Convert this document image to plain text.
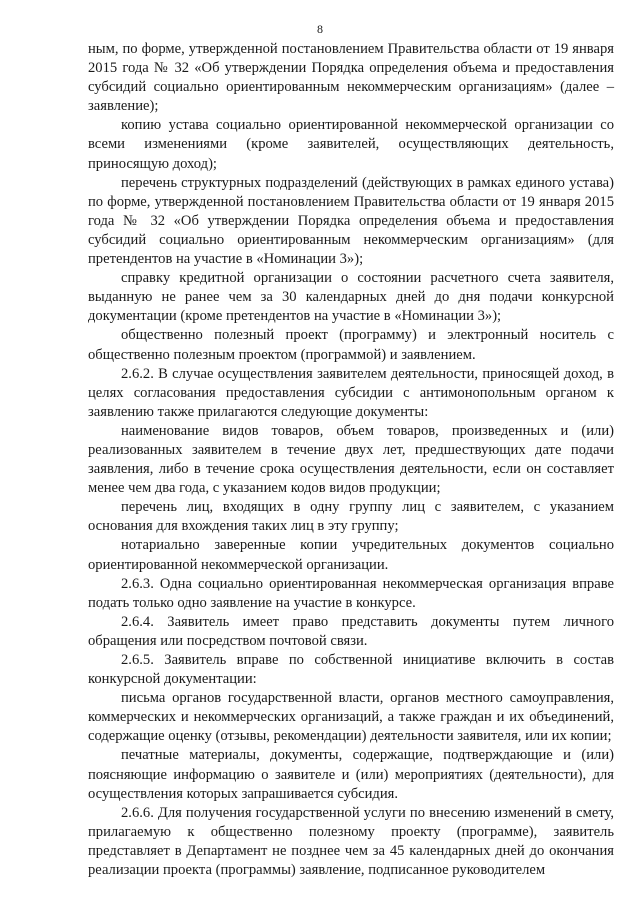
8

ным, по форме, утвержденной постановлением Правительства области от 19 января 2015 года № 32 «Об утверждении Порядка определения объема и предоставления субсидий социально ориентированным некоммерческим организациям» (далее – заявление);

копию устава социально ориентированной некоммерческой организации со всеми изменениями (кроме заявителей, осуществляющих деятельность, приносящую доход);

перечень структурных подразделений (действующих в рамках единого устава) по форме, утвержденной постановлением Правительства области от 19 января 2015 года № 32 «Об утверждении Порядка определения объема и предоставления субсидий социально ориентированным некоммерческим организациям» (для претендентов на участие в «Номинации 3»);

справку кредитной организации о состоянии расчетного счета заявителя, выданную не ранее чем за 30 календарных дней до дня подачи конкурсной документации (кроме претендентов на участие в «Номинации 3»);

общественно полезный проект (программу) и электронный носитель с общественно полезным проектом (программой) и заявлением.

2.6.2. В случае осуществления заявителем деятельности, приносящей доход, в целях согласования предоставления субсидии с антимонопольным органом к заявлению также прилагаются следующие документы:

наименование видов товаров, объем товаров, произведенных и (или) реализованных заявителем в течение двух лет, предшествующих дате подачи заявления, либо в течение срока осуществления деятельности, если он составляет менее чем два года, с указанием кодов видов продукции;

перечень лиц, входящих в одну группу лиц с заявителем, с указанием основания для вхождения таких лиц в эту группу;

нотариально заверенные копии учредительных документов социально ориентированной некоммерческой организации.

2.6.3. Одна социально ориентированная некоммерческая организация вправе подать только одно заявление на участие в конкурсе.

2.6.4. Заявитель имеет право представить документы путем личного обращения или посредством почтовой связи.

2.6.5. Заявитель вправе по собственной инициативе включить в состав конкурсной документации:

письма органов государственной власти, органов местного самоуправления, коммерческих и некоммерческих организаций, а также граждан и их объединений, содержащие оценку (отзывы, рекомендации) деятельности заявителя, или их копии;

печатные материалы, документы, содержащие, подтверждающие и (или) поясняющие информацию о заявителе и (или) мероприятиях (деятельности), для осуществления которых запрашивается субсидия.

2.6.6. Для получения государственной услуги по внесению изменений в смету, прилагаемую к общественно полезному проекту (программе), заявитель представляет в Департамент не позднее чем за 45 календарных дней до окончания реализации проекта (программы) заявление, подписанное руководителем
